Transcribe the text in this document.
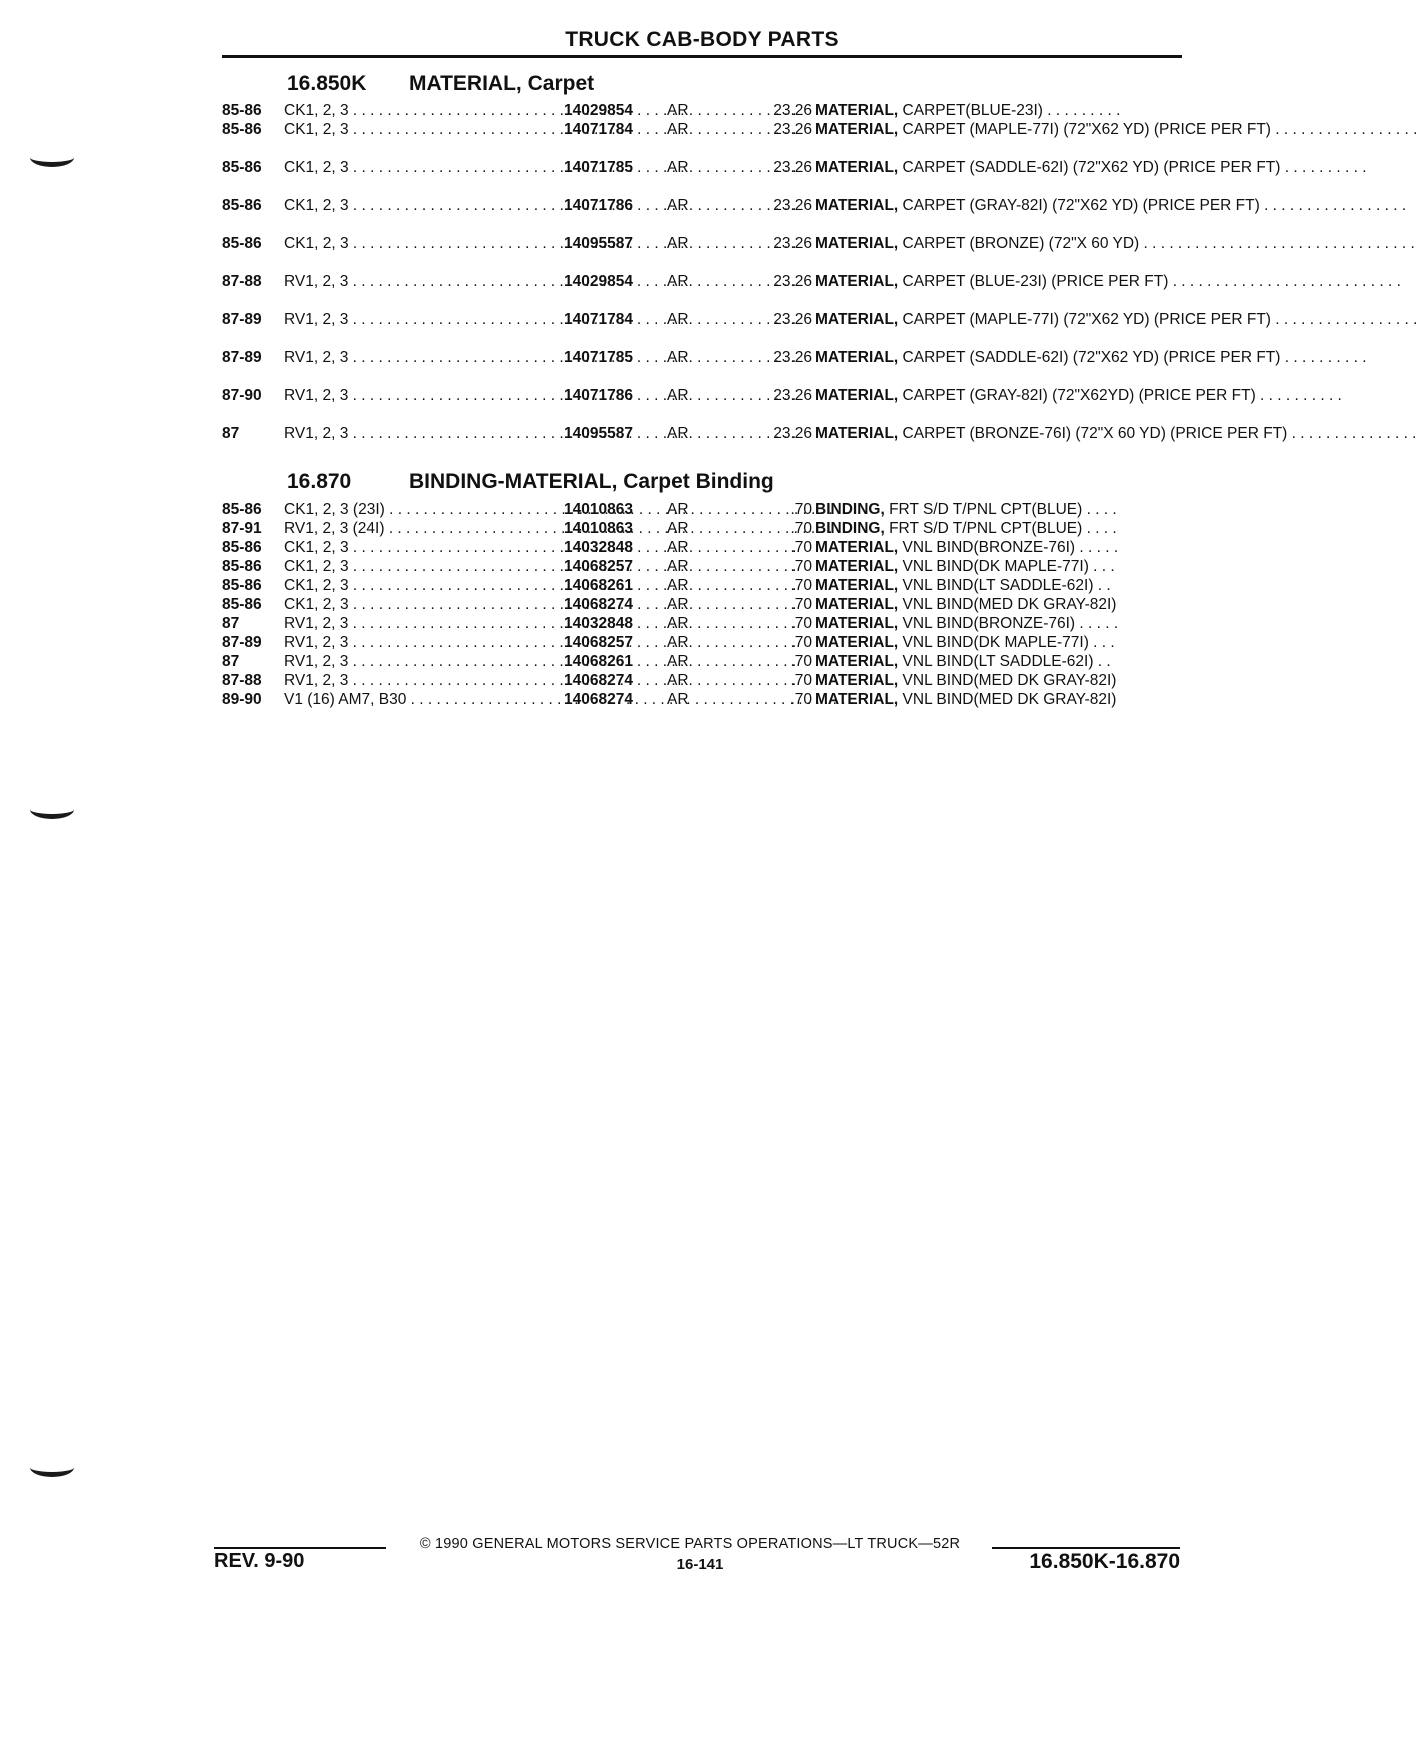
TRUCK CAB-BODY PARTS
16.850K MATERIAL, Carpet
85-86 CK1, 2, 3 . . .	14029854 AR	23.26 MATERIAL, CARPET(BLUE-23I) . . . . . . . . .
85-86 CK1, 2, 3 . . .	14071784 AR	23.26 MATERIAL, CARPET (MAPLE-77I) (72"X62 YD) (PRICE PER FT) . . . . . . . . . . . . . . . . .
85-86 CK1, 2, 3 . . .	14071785 AR	23.26 MATERIAL, CARPET (SADDLE-62I) (72"X62 YD) (PRICE PER FT) . . . . . . . . . .
85-86 CK1, 2, 3 . . .	14071786 AR	23.26 MATERIAL, CARPET (GRAY-82I) (72"X62 YD) (PRICE PER FT) . . . . . . . . . . . . . . . . .
85-86 CK1, 2, 3 . . .	14095587 AR	23.26 MATERIAL, CARPET (BRONZE) (72"X 60 YD) . . . . . . . . . . . . . . . . . . . . . . . . . . . . . . . .
87-88 RV1, 2, 3 . . .	14029854 AR	23.26 MATERIAL, CARPET (BLUE-23I) (PRICE PER FT) . . . . . . . . . . . . . . . . . . . . . . . . . . .
87-89 RV1, 2, 3 . . .	14071784 AR	23.26 MATERIAL, CARPET (MAPLE-77I) (72"X62 YD) (PRICE PER FT) . . . . . . . . . . . . . . . . .
87-89 RV1, 2, 3 . . .	14071785 AR	23.26 MATERIAL, CARPET (SADDLE-62I) (72"X62 YD) (PRICE PER FT) . . . . . . . . . .
87-90 RV1, 2, 3 . . .	14071786 AR	23.26 MATERIAL, CARPET (GRAY-82I) (72"X62YD) (PRICE PER FT) . . . . . . . . . .
87	RV1, 2, 3 . . .	14095587 AR	23.26 MATERIAL, CARPET (BRONZE-76I) (72"X 60 YD) (PRICE PER FT) . . . . . . . . . . . . . . .
16.870	BINDING-MATERIAL, Carpet Binding
85-86 CK1, 2, 3 (23I) . . .	14010863 AR	.70 BINDING, FRT S/D T/PNL CPT(BLUE) . . . .
87-91 RV1, 2, 3 (24I) . . .	14010863 AR	.70 BINDING, FRT S/D T/PNL CPT(BLUE) . . . .
85-86 CK1, 2, 3 . . .	14032848 AR	.70 MATERIAL, VNL BIND(BRONZE-76I) . . . . .
85-86 CK1, 2, 3 . . .	14068257 AR	.70 MATERIAL, VNL BIND(DK MAPLE-77I) . . .
85-86 CK1, 2, 3 . . .	14068261 AR	.70 MATERIAL, VNL BIND(LT SADDLE-62I) . .
85-86 CK1, 2, 3 . . .	14068274 AR	.70 MATERIAL, VNL BIND(MED DK GRAY-82I)
87	RV1, 2, 3 . . .	14032848 AR	.70 MATERIAL, VNL BIND(BRONZE-76I) . . . . .
87-89 RV1, 2, 3 . . .	14068257 AR	.70 MATERIAL, VNL BIND(DK MAPLE-77I) . . .
87	RV1, 2, 3 . . .	14068261 AR	.70 MATERIAL, VNL BIND(LT SADDLE-62I) . .
87-88 RV1, 2, 3 . . .	14068274 AR	.70 MATERIAL, VNL BIND(MED DK GRAY-82I)
89-90 V1 (16) AM7, B30 . . .	14068274 AR	.70 MATERIAL, VNL BIND(MED DK GRAY-82I)
© 1990 GENERAL MOTORS SERVICE PARTS OPERATIONS—LT TRUCK—52R
REV. 9-90	16-141	16.850K-16.870
